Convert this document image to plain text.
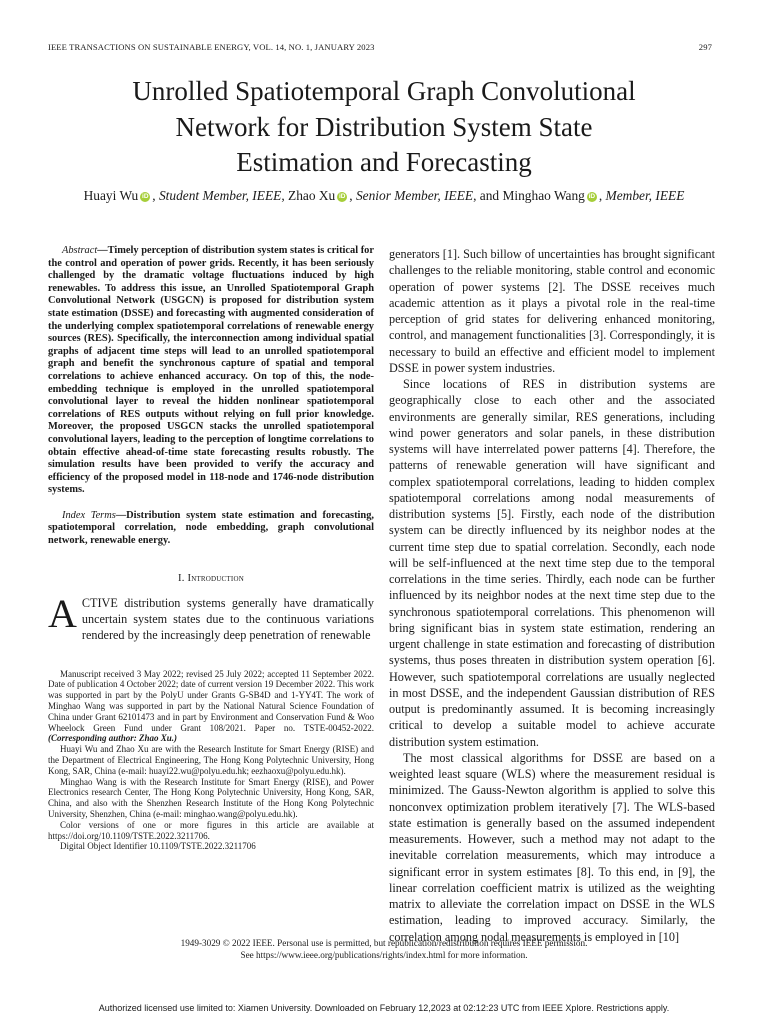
IEEE TRANSACTIONS ON SUSTAINABLE ENERGY, VOL. 14, NO. 1, JANUARY 2023	297
Unrolled Spatiotemporal Graph Convolutional
Network for Distribution System State
Estimation and Forecasting
Huayi Wu iD , Student Member, IEEE, Zhao Xu iD , Senior Member, IEEE, and Minghao Wang iD , Member, IEEE

Abstract—Timely perception of distribution system states is critical for the control and operation of power grids. Recently, it has been seriously challenged by the dramatic voltage fluctuations induced by high renewables. To address this issue, an Unrolled Spatiotemporal Graph Convolutional Network (USGCN) is proposed for distribution system state estimation (DSSE) and forecasting with augmented consideration of the underlying complex spatiotemporal correlations of renewable energy sources (RES). Specifically, the interconnection among individual spatial graphs of adjacent time steps will lead to an unrolled spatiotemporal graph and benefit the synchronous capture of spatial and temporal correlations to achieve enhanced accuracy. On top of this, the node-embedding technique is employed in the unrolled spatiotemporal convolutional layer to reveal the hidden nonlinear spatiotemporal correlations of RES outputs without relying on full prior knowledge. Moreover, the proposed USGCN stacks the unrolled spatiotemporal convolutional layers, leading to the perception of longtime correlations to obtain effective ahead-of-time state forecasting results robustly. The simulation results have been provided to verify the accuracy and efficiency of the proposed model in 118-node and 1746-node distribution systems.

Index Terms—Distribution system state estimation and forecasting, spatiotemporal correlation, node embedding, graph convolutional network, renewable energy.

I. Introduction

ACTIVE distribution systems generally have dramatically uncertain system states due to the continuous variations rendered by the increasingly deep penetration of renewable

Manuscript received 3 May 2022; revised 25 July 2022; accepted 11 September 2022. Date of publication 4 October 2022; date of current version 19 December 2022. This work was supported in part by the PolyU under Grants G-SB4D and 1-YY4T. The work of Minghao Wang was supported in part by the National Natural Science Foundation of China under Grant 62101473 and in part by Environment and Conservation Fund & Woo Wheelock Green Fund under Grant 108/2021. Paper no. TSTE-00452-2022. (Corresponding author: Zhao Xu.)

Huayi Wu and Zhao Xu are with the Research Institute for Smart Energy (RISE) and the Department of Electrical Engineering, The Hong Kong Polytechnic University, Hong Kong, SAR, China (e-mail: huayi22.wu@polyu.edu.hk; eezhaoxu@polyu.edu.hk).

Minghao Wang is with the Research Institute for Smart Energy (RISE), and Power Electronics research Center, The Hong Kong Polytechnic University, Hong Kong, SAR, China, and also with the Shenzhen Research Institute of the Hong Kong Polytechnic University, Shenzhen, China (e-mail: minghao.wang@polyu.edu.hk).

Color versions of one or more figures in this article are available at https://doi.org/10.1109/TSTE.2022.3211706.

Digital Object Identifier 10.1109/TSTE.2022.3211706

generators [1]. Such billow of uncertainties has brought significant challenges to the reliable monitoring, stable control and economic operation of power systems [2]. The DSSE receives much academic attention as it plays a pivotal role in the real-time perception of grid states for delivering enhanced monitoring, control, and management functionalities [3]. Correspondingly, it is necessary to build an effective and efficient model to implement DSSE in power system industries.

Since locations of RES in distribution systems are geographically close to each other and the associated environments are generally similar, RES generations, including wind power generators and solar panels, in these distribution systems will have interrelated power patterns [4]. Therefore, the patterns of renewable generation will have significant and complex spatiotemporal correlations, leading to hidden complex spatiotemporal correlations among nodal measurements of distribution systems [5]. Firstly, each node of the distribution system can be directly influenced by its neighbor nodes at the current time step due to spatial correlation. Secondly, each node will be self-influenced at the next time step due to the temporal correlations in the time series. Thirdly, each node can be further influenced by its neighbor nodes at the next time step due to the synchronous spatiotemporal correlations. This phenomenon will bring significant bias in system state estimation, rendering an urgent challenge in state estimation and forecasting of distribution systems, thus poses threaten in distribution system operation [6]. However, such spatiotemporal correlations are usually neglected in most DSSE, and the independent Gaussian distribution of RES output is predominantly assumed. It is becoming increasingly critical to develop a suitable model to achieve accurate distribution system estimation.

The most classical algorithms for DSSE are based on a weighted least square (WLS) where the measurement residual is minimized. The Gauss-Newton algorithm is applied to solve this nonconvex optimization problem iteratively [7]. The WLS-based state estimation is generally based on the assumed independent measurements. However, such a method may not adapt to the inevitable correlation measurements, which may introduce a significant error in system estimates [8]. To this end, in [9], the linear correlation coefficient matrix is utilized as the weighting matrix to alleviate the correlation impact on DSSE in the WLS estimation, leading to improved accuracy. Similarly, the correlation among nodal measurements is employed in [10]

1949-3029 © 2022 IEEE. Personal use is permitted, but republication/redistribution requires IEEE permission.
See https://www.ieee.org/publications/rights/index.html for more information.
Authorized licensed use limited to: Xiamen University. Downloaded on February 12,2023 at 02:12:23 UTC from IEEE Xplore. Restrictions apply.
